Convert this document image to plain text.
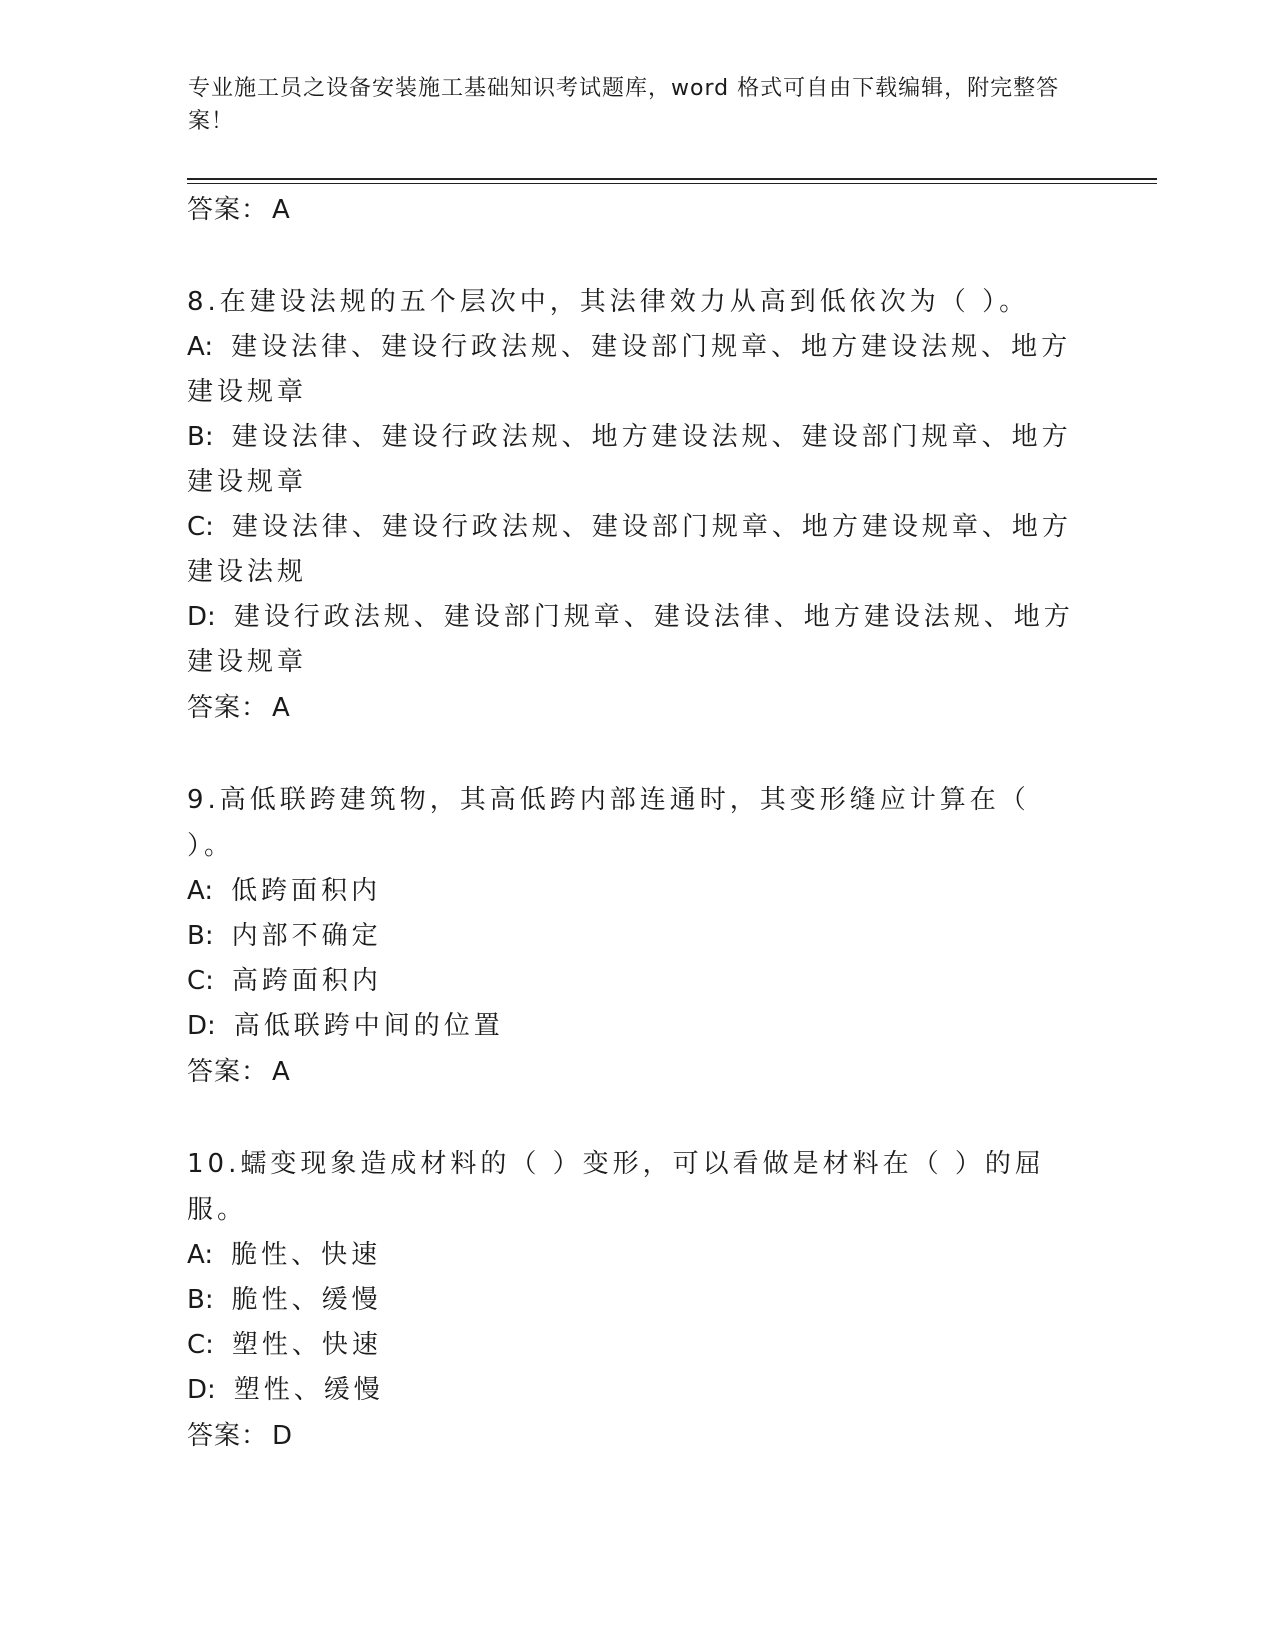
专业施工员之设备安装施工基础知识考试题库，word 格式可自由下载编辑，附完整答案！
答案： A
8.在建设法规的五个层次中，其法律效力从高到低依次为（ ）。
A: 建设法律、建设行政法规、建设部门规章、地方建设法规、地方建设规章
B: 建设法律、建设行政法规、地方建设法规、建设部门规章、地方建设规章
C: 建设法律、建设行政法规、建设部门规章、地方建设规章、地方建设法规
D: 建设行政法规、建设部门规章、建设法律、地方建设法规、地方建设规章
答案： A
9.高低联跨建筑物，其高低跨内部连通时，其变形缝应计算在（ ）。
A: 低跨面积内
B: 内部不确定
C: 高跨面积内
D: 高低联跨中间的位置
答案： A
10.蠕变现象造成材料的（ ）变形，可以看做是材料在（ ）的屈服。
A: 脆性、快速
B: 脆性、缓慢
C: 塑性、快速
D: 塑性、缓慢
答案： D
